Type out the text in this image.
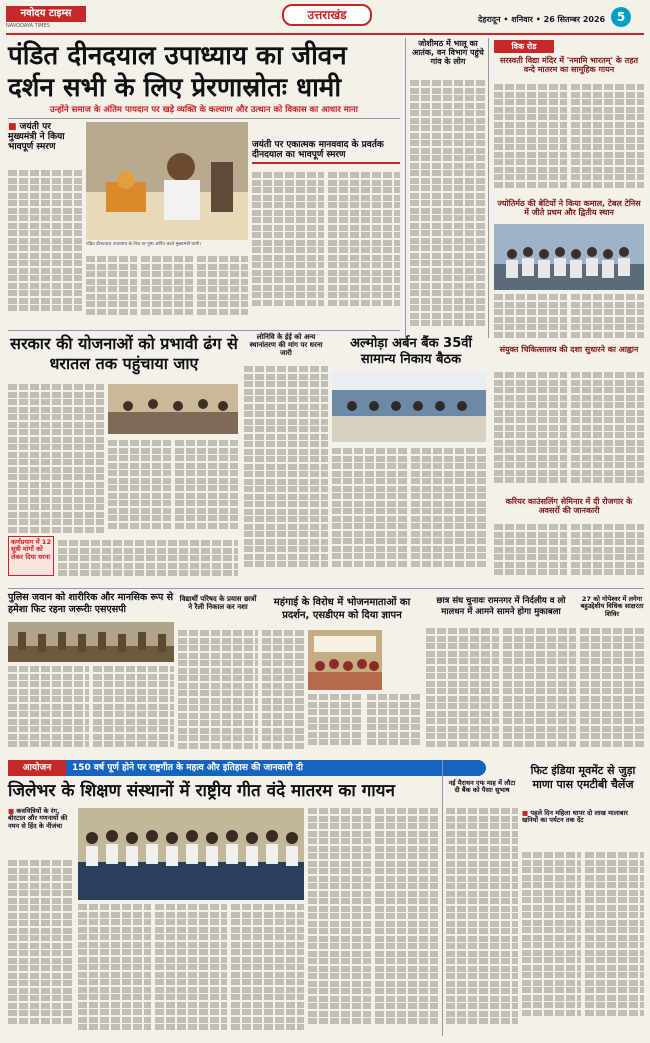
नवोदय टाइम्स
NAVODAYA TIMES
उत्तराखंड	देहरादून • शनिवार • 26 सितम्बर 2026 5
पंडित दीनदयाल उपाध्याय का जीवन दर्शन सभी के लिए प्रेरणास्रोतः धामी
उन्होंने समाज के अंतिम पायदान पर खड़े व्यक्ति के कल्याण और उत्थान को विकास का आधार माना
■ जयंती पर मुख्यमंत्री ने किया भावपूर्ण स्मरण
पंडित दीनदयाल उपाध्याय के चित्र पर पुष्प अर्पित करते मुख्यमंत्री धामी।
जयंती पर एकात्मक मानववाद के प्रवर्तक दीनदयाल का भावपूर्ण स्मरण
जोशीमठ में भालू का आतंक, वन विभाग पहुंचे गांव के लोग
विक रोड
सरस्वती विद्या मंदिर में 'नमामि भारतम्' के तहत वन्दे मातरम का सामूहिक गायन
ज्योतिर्मठ की बेटियों ने किया कमाल, टेबल टेनिस में जीते प्रथम और द्वितीय स्थान
सरकार की योजनाओं को प्रभावी ढंग से धरातल तक पहुंचाया जाए
कर्णप्रयाग में 12 सूत्री मांगों को लेकर दिया धरना
लोनिवि के ईई को अन्य स्थानांतरण की मांग पर धरना जारी
अल्मोड़ा अर्बन बैंक 35वीं सामान्य निकाय बैठक
संयुक्त चिकित्सालय की दशा सुधारने का आह्वान
करियर काउंसलिंग सेमिनार में दी रोजगार के अवसरों की जानकारी
पुलिस जवान को शारीरिक और मानसिक रूप से हमेशा फिट रहना जरूरीः एसएसपी
विद्यार्थी परिषद के प्रयास छात्रों ने रैली निकाल कर नशा	महंगाई के विरोध में भोजनमाताओं का प्रदर्शन, एसडीएम को दिया ज्ञापन
छात्र संघ चुनावः रामनगर में निर्दलीय व लो मालधन में आमने सामने होगा मुकाबला
27 को गोपेश्वर में लगेगा बहुउद्देशीय विधिक साक्षरता शिविर
आयोजन	150 वर्ष पूर्ण होने पर राष्ट्रगीत के महत्व और इतिहास की जानकारी दी
जिलेभर के शिक्षण संस्थानों में राष्ट्रीय गीत वंदे मातरम का गायन
■ कवयित्रियों के रंग, बीरटाल और गणनायों की नमन से हिंद के नीजंचा
नई मैराथन एफ माह में लौटा दी बैंक को पैसाः सुभाष
फिट इंडिया मूवमेंट से जुड़ा माणा पास एमटीबी चैलेंज
■ पहले दिन महिला थापर दो लाख मालाबार खनियों का पर्यटन तक देंट
